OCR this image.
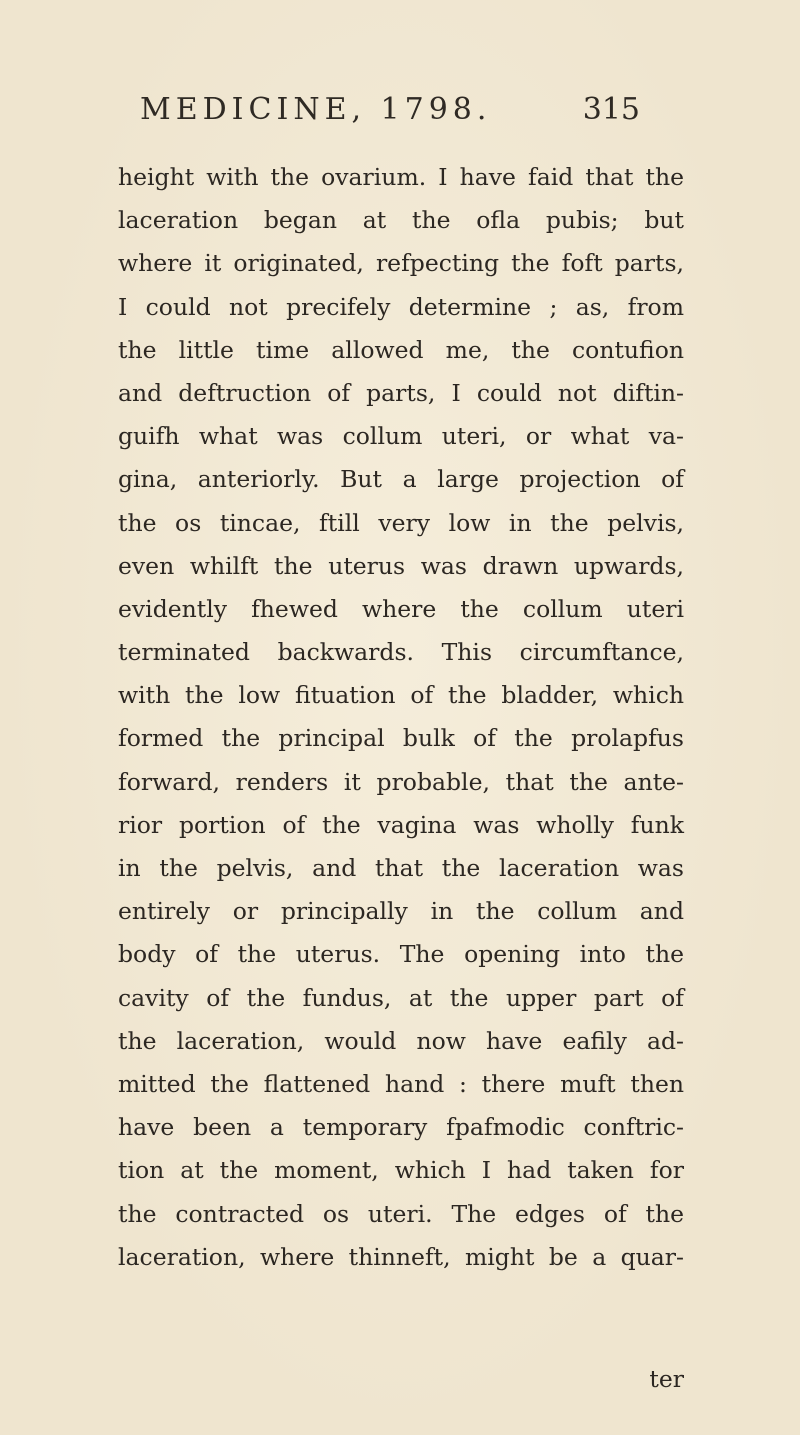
MEDICINE, 1798.	315
height with the ovarium. I have faid that the
laceration began at the ofla pubis; but
where it originated, refpecting the foft parts,
I could not precifely determine ; as, from
the little time allowed me, the contufion
and deftruction of parts, I could not diftin-
guifh what was collum uteri, or what va-
gina, anteriorly. But a large projection of
the os tincae, ftill very low in the pelvis,
even whilft the uterus was drawn upwards,
evidently fhewed where the collum uteri
terminated backwards. This circumftance,
with the low fituation of the bladder, which
formed the principal bulk of the prolapfus
forward, renders it probable, that the ante-
rior portion of the vagina was wholly funk
in the pelvis, and that the laceration was
entirely or principally in the collum and
body of the uterus. The opening into the
cavity of the fundus, at the upper part of
the laceration, would now have eafily ad-
mitted the flattened hand : there muft then
have been a temporary fpafmodic conftric-
tion at the moment, which I had taken for
the contracted os uteri. The edges of the
laceration, where thinneft, might be a quar-
ter
